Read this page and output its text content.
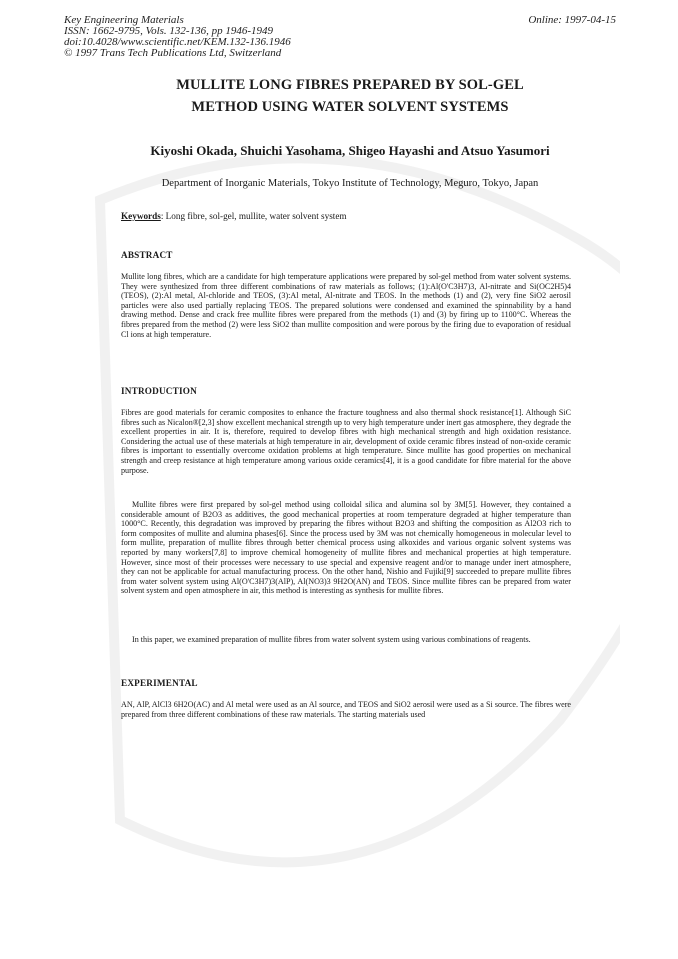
Key Engineering Materials
ISSN: 1662-9795, Vols. 132-136, pp 1946-1949
doi:10.4028/www.scientific.net/KEM.132-136.1946
© 1997 Trans Tech Publications Ltd, Switzerland
Online: 1997-04-15
MULLITE LONG FIBRES PREPARED BY SOL-GEL
METHOD USING WATER SOLVENT SYSTEMS
Kiyoshi Okada, Shuichi Yasohama, Shigeo Hayashi and Atsuo Yasumori
Department of Inorganic Materials, Tokyo Institute of Technology, Meguro, Tokyo, Japan
Keywords: Long fibre, sol-gel, mullite, water solvent system
ABSTRACT

Mullite long fibres, which are a candidate for high temperature applications were prepared by sol-gel method from water solvent systems. They were synthesized from three different combinations of raw materials as follows; (1):Al(O'C3H7)3, Al-nitrate and Si(OC2H5)4 (TEOS), (2):Al metal, Al-chloride and TEOS, (3):Al metal, Al-nitrate and TEOS. In the methods (1) and (2), very fine SiO2 aerosil particles were also used partially replacing TEOS. The prepared solutions were condensed and examined the spinnability by a hand drawing method. Dense and crack free mullite fibres were prepared from the methods (1) and (3) by firing up to 1100°C. Whereas the fibres prepared from the method (2) were less SiO2 than mullite composition and were porous by the firing due to evaporation of residual Cl ions at high temperature.

INTRODUCTION

Fibres are good materials for ceramic composites to enhance the fracture toughness and also thermal shock resistance[1]. Although SiC fibres such as Nicalon®[2,3] show excellent mechanical strength up to very high temperature under inert gas atmosphere, they degrade the excellent properties in air. It is, therefore, required to develop fibres with high mechanical strength and high oxidation resistance. Considering the actual use of these materials at high temperature in air, development of oxide ceramic fibres instead of non-oxide ceramic fibres is important to essentially overcome oxidation problems at high temperature. Since mullite has good properties on mechanical strength and creep resistance at high temperature among various oxide ceramics[4], it is a good candidate for fibre material for the above purpose.

Mullite fibres were first prepared by sol-gel method using colloidal silica and alumina sol by 3M[5]. However, they contained a considerable amount of B2O3 as additives, the good mechanical properties at room temperature degraded at higher temperature than 1000°C. Recently, this degradation was improved by preparing the fibres without B2O3 and shifting the composition as Al2O3 rich to form composites of mullite and alumina phases[6]. Since the process used by 3M was not chemically homogeneous in molecular level to form mullite, preparation of mullite fibres through better chemical process using alkoxides and various organic solvent systems was reported by many workers[7,8] to improve chemical homogeneity of mullite fibres and mechanical properties at high temperature. However, since most of their processes were necessary to use special and expensive reagent and/or to manage under inert atmosphere, they can not be applicable for actual manufacturing process. On the other hand, Nishio and Fujiki[9] succeeded to prepare mullite fibres from water solvent system using Al(O'C3H7)3(AlP), Al(NO3)3 9H2O(AN) and TEOS. Since mullite fibres can be prepared from water solvent system and open atmosphere in air, this method is interesting as synthesis for mullite fibres.

In this paper, we examined preparation of mullite fibres from water solvent system using various combinations of reagents.

EXPERIMENTAL

AN, AlP, AlCl3 6H2O(AC) and Al metal were used as an Al source, and TEOS and SiO2 aerosil were used as a Si source. The fibres were prepared from three different combinations of these raw materials. The starting materials used
